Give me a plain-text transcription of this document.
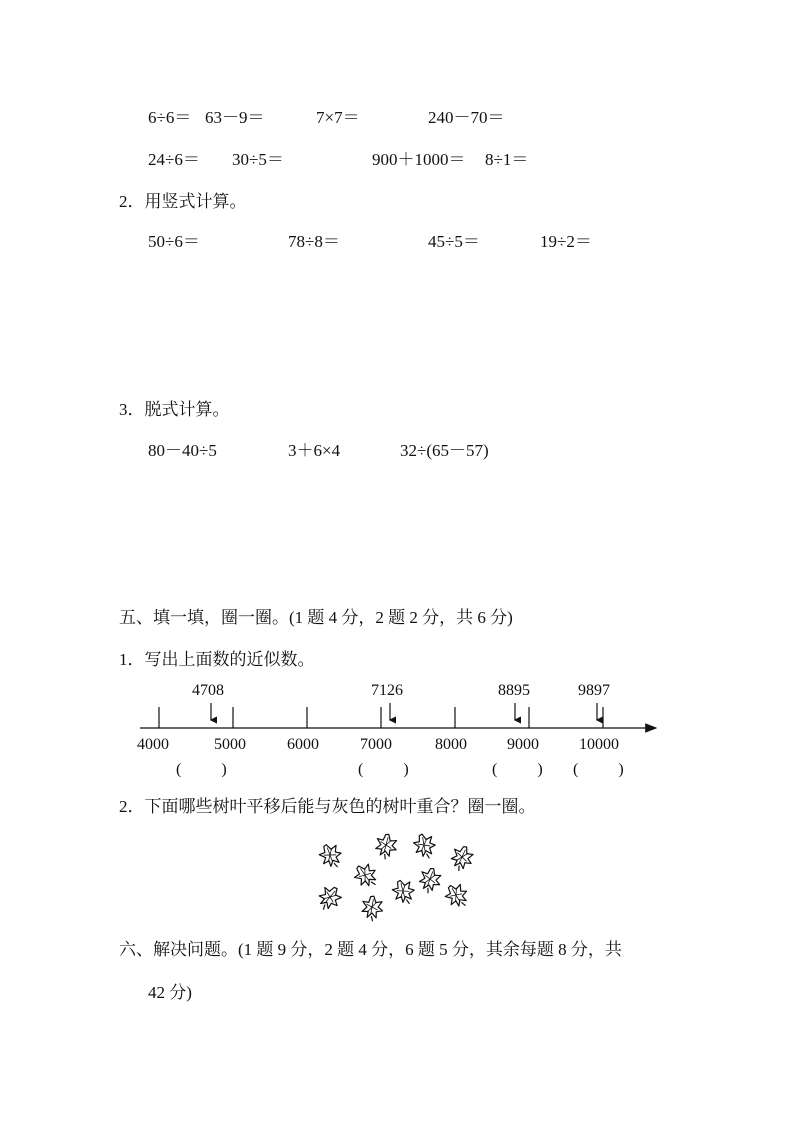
6÷6＝ 63－9＝	7×7＝	240－70＝
24÷6＝ 30÷5＝	900＋1000＝ 8÷1＝
2．用竖式计算。
50÷6＝	78÷8＝	45÷5＝	19÷2＝
3．脱式计算。
80－40÷5	3＋6×4	32÷(65－57)
五、填一填，圈一圈。(1 题 4 分，2 题 2 分，共 6 分)
1．写出上面数的近似数。
4708	7126	8895	9897
4000	5000	6000	7000	8000	9000	10000
(          )	(          )	(          ) (          )
2．下面哪些树叶平移后能与灰色的树叶重合？圈一圈。
六、解决问题。(1 题 9 分，2 题 4 分，6 题 5 分，其余每题 8 分，共
42 分)
